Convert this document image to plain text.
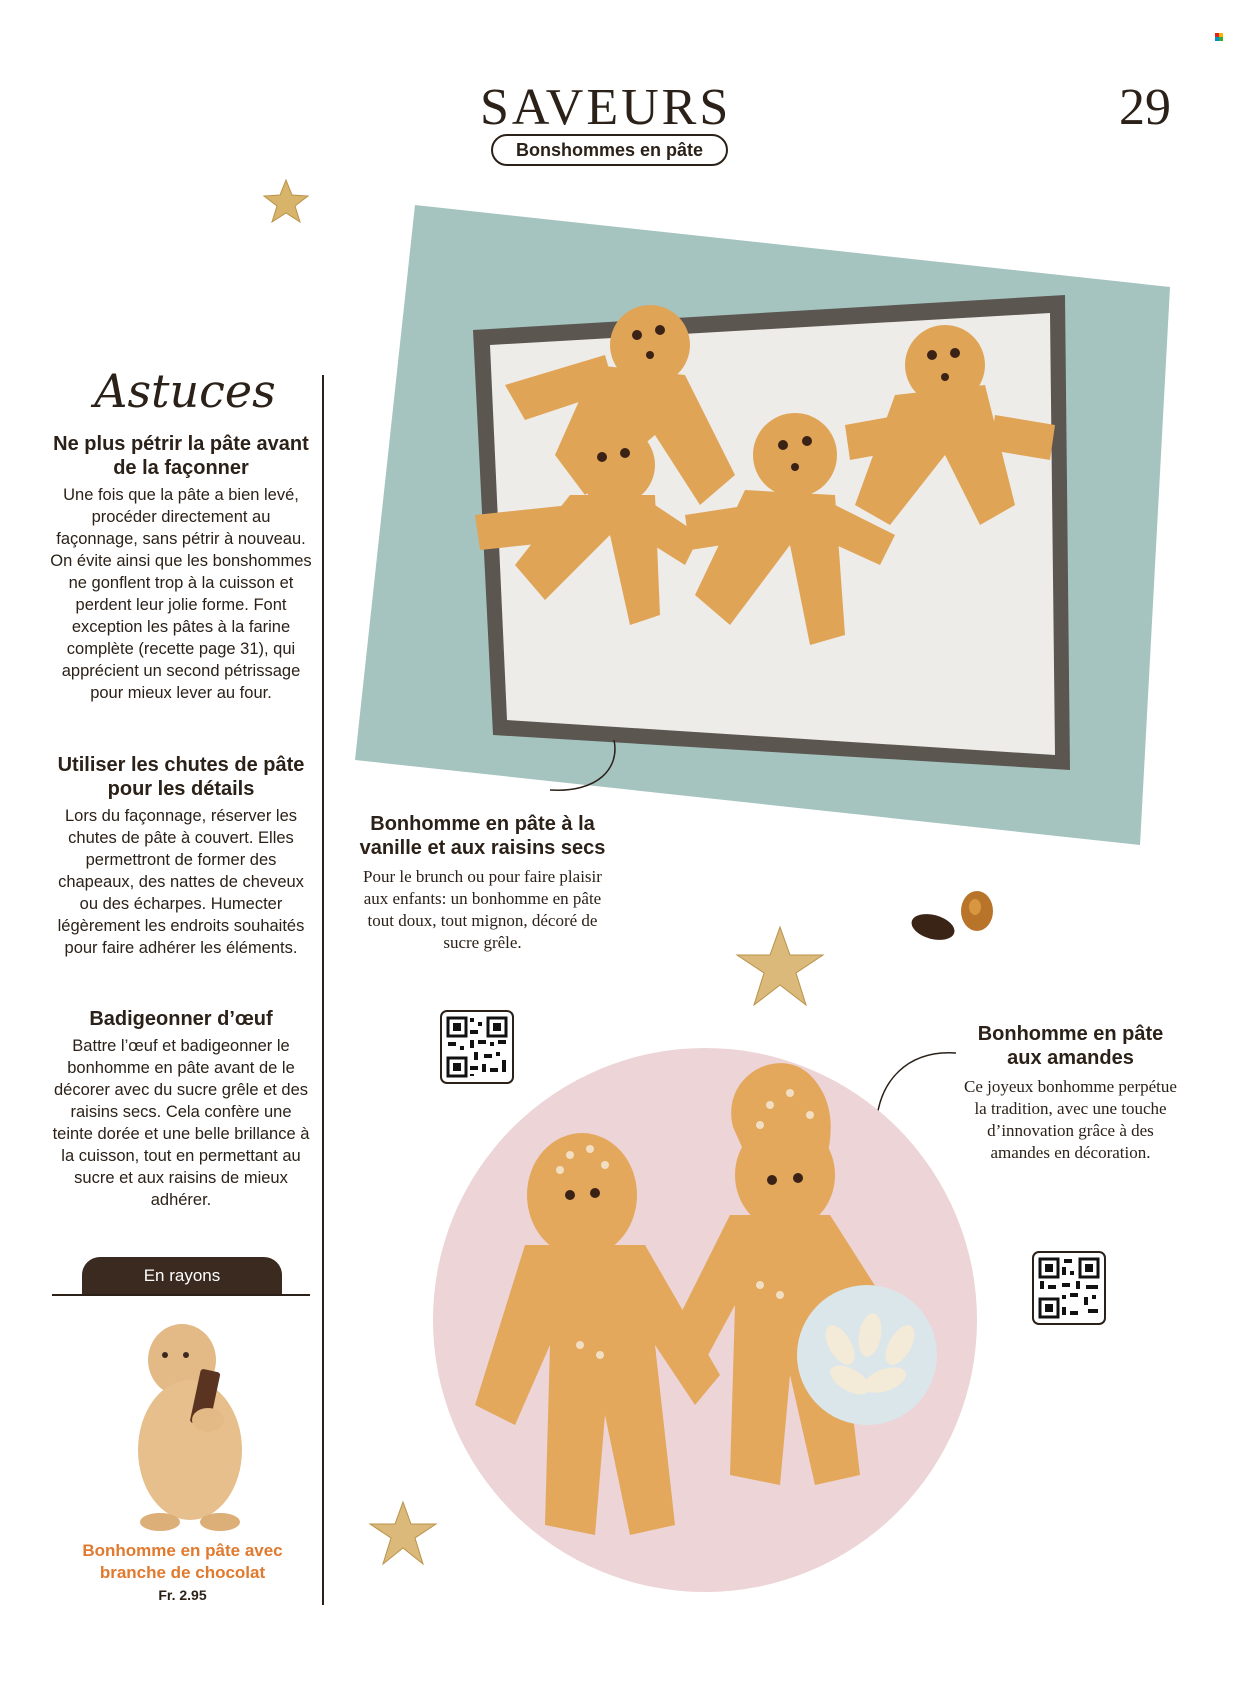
SAVEURS	29
Bonshommes en pâte
Astuces
Ne plus pétrir la pâte avant de la façonner

Une fois que la pâte a bien levé, procéder directement au façonnage, sans pétrir à nouveau. On évite ainsi que les bonshommes ne gonflent trop à la cuisson et perdent leur jolie forme. Font exception les pâtes à la farine complète (recette page 31), qui apprécient un second pétrissage pour mieux lever au four.

Utiliser les chutes de pâte pour les détails

Lors du façonnage, réserver les chutes de pâte à couvert. Elles permettront de former des chapeaux, des nattes de cheveux ou des écharpes. Humecter légèrement les endroits souhaités pour faire adhérer les éléments.

Badigeonner d’œuf

Battre l’œuf et badigeonner le bonhomme en pâte avant de le décorer avec du sucre grêle et des raisins secs. Cela confère une teinte dorée et une belle brillance à la cuisson, tout en permettant au sucre et aux raisins de mieux adhérer.

En rayons
Bonhomme en pâte avec branche de chocolat
Fr. 2.95
Bonhomme en pâte à la vanille et aux raisins secs

Pour le brunch ou pour faire plaisir aux enfants: un bonhomme en pâte tout doux, tout mignon, décoré de sucre grêle.

Bonhomme en pâte aux amandes

Ce joyeux bonhomme perpétue la tradition, avec une touche d’innovation grâce à des amandes en décoration.
